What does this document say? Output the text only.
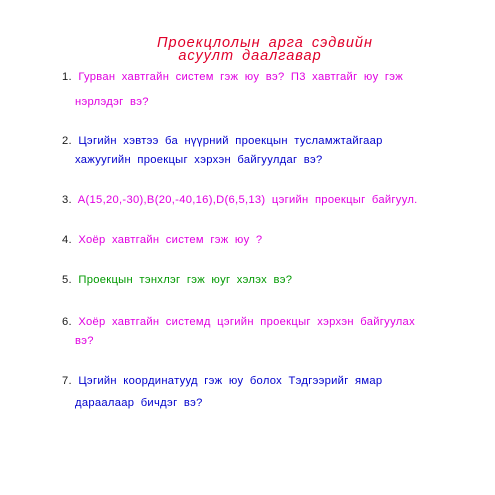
Проекцлолын арга сэдвийн
асуулт даалгавар
1. Гурван хавтгайн систем гэж юу вэ? П3 хавтгайг юу гэж
нэрлэдэг вэ?
2. Цэгийн хэвтээ ба нүүрний проекцын тусламжтайгаар
хажуугийн проекцыг хэрхэн байгуулдаг вэ?
3. A(15,20,-30),B(20,-40,16),D(6,5,13) цэгийн проекцыг байгуул.
4. Хоёр хавтгайн систем гэж юу ?
5. Проекцын тэнхлэг гэж юуг хэлэх вэ?
6. Хоёр хавтгайн системд цэгийн проекцыг хэрхэн байгуулах
вэ?
7. Цэгийн координатууд гэж юу болох Тэдгээрийг ямар
дараалаар бичдэг вэ?
